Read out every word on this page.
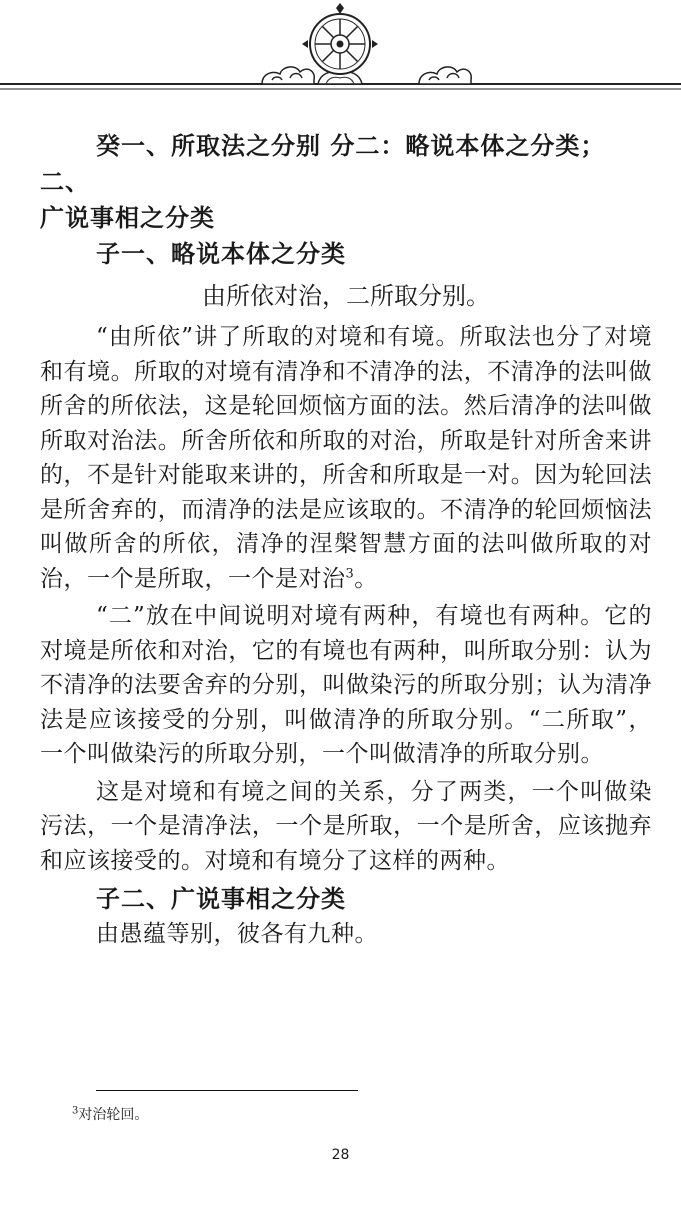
癸一、所取法之分别 分二：略说本体之分类；二、
广说事相之分类

子一、略说本体之分类

由所依对治，二所取分别。

“由所依”讲了所取的对境和有境。所取法也分了对境和有境。所取的对境有清净和不清净的法，不清净的法叫做所舍的所依法，这是轮回烦恼方面的法。然后清净的法叫做所取对治法。所舍所依和所取的对治，所取是针对所舍来讲的，不是针对能取来讲的，所舍和所取是一对。因为轮回法是所舍弃的，而清净的法是应该取的。不清净的轮回烦恼法叫做所舍的所依，清净的涅槃智慧方面的法叫做所取的对治，一个是所取，一个是对治$^3$。

“二”放在中间说明对境有两种，有境也有两种。它的对境是所依和对治，它的有境也有两种，叫所取分别：认为不清净的法要舍弃的分别，叫做染污的所取分别；认为清净法是应该接受的分别，叫做清净的所取分别。“二所取”，一个叫做染污的所取分别，一个叫做清净的所取分别。

这是对境和有境之间的关系，分了两类，一个叫做染污法，一个是清净法，一个是所取，一个是所舍，应该抛弃和应该接受的。对境和有境分了这样的两种。

子二、广说事相之分类

由愚蕴等别，彼各有九种。

$^3$对治轮回。
28
